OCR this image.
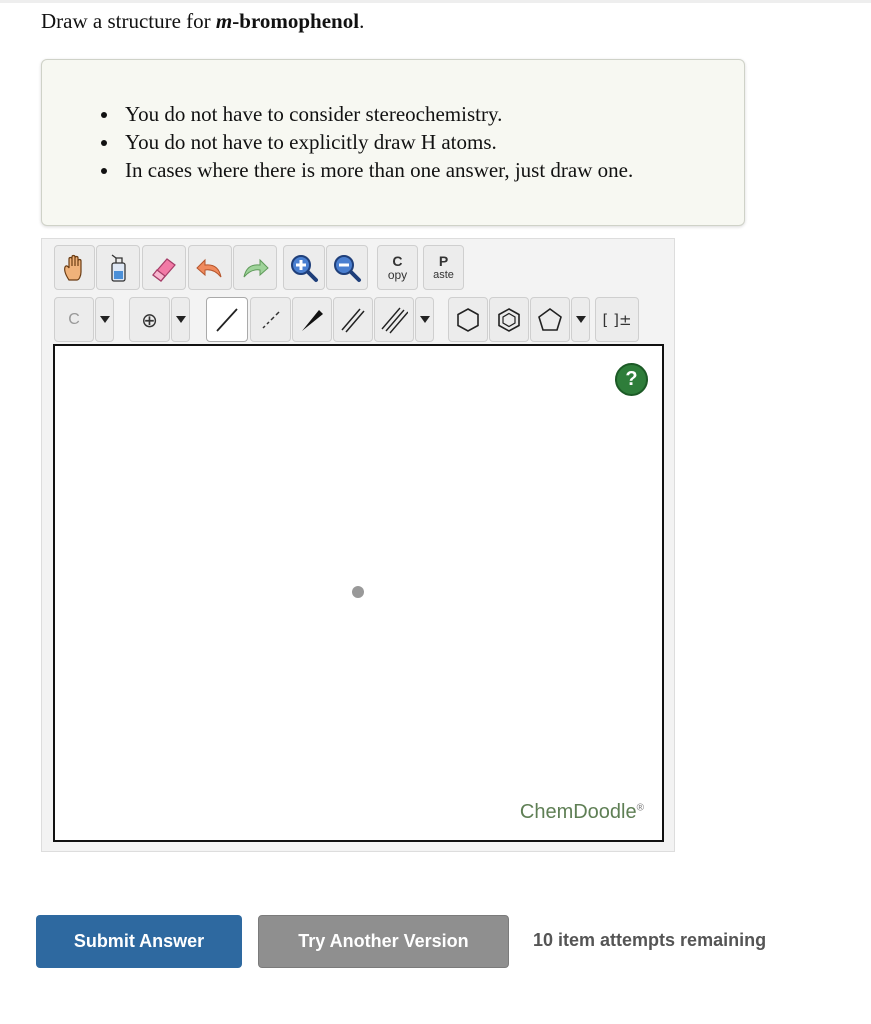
Draw a structure for m-bromophenol.
You do not have to consider stereochemistry.
You do not have to explicitly draw H atoms.
In cases where there is more than one answer, just draw one.
C
opy
P
aste
C	⊕	[ ]±
?
ChemDoodle®
Submit Answer	Try Another Version	10 item attempts remaining
